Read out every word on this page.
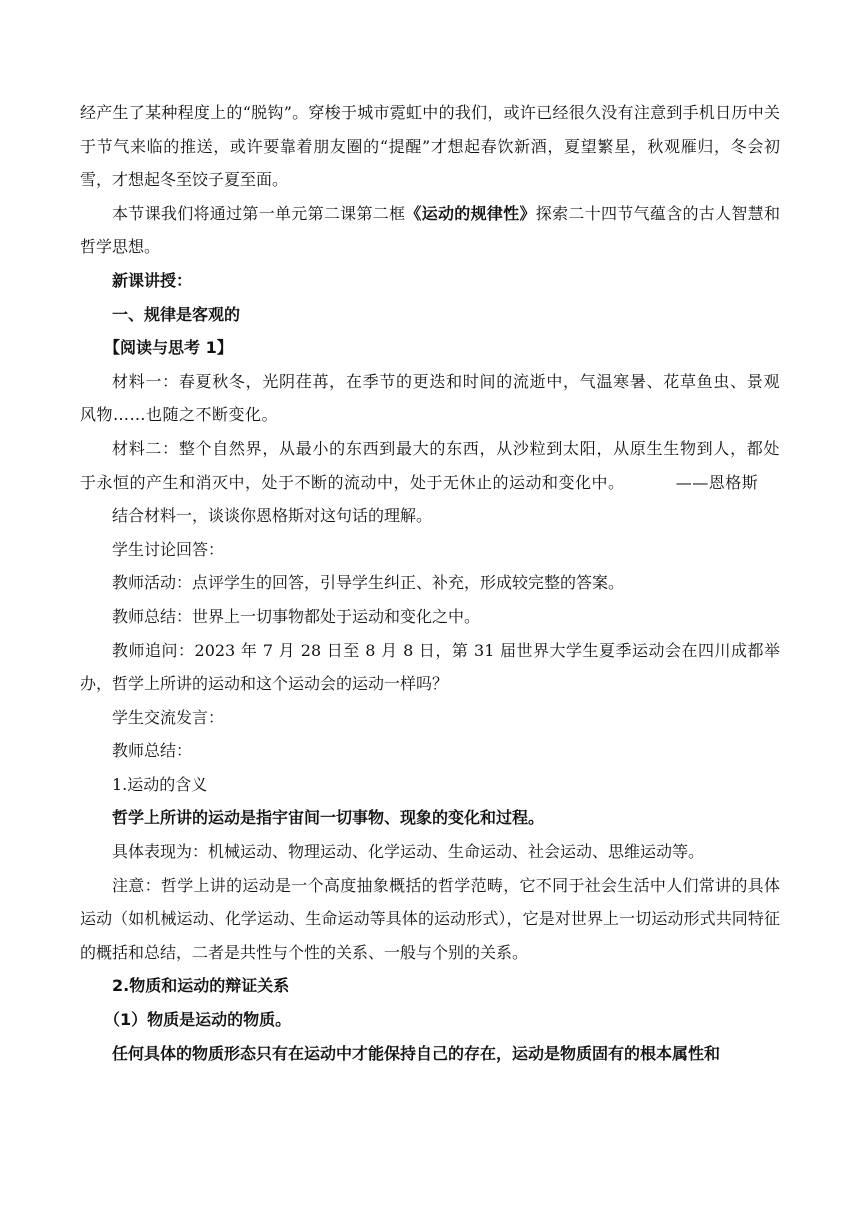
经产生了某种程度上的“脱钩”。穿梭于城市霓虹中的我们，或许已经很久没有注意到手机日历中关于节气来临的推送，或许要靠着朋友圈的“提醒”才想起春饮新酒，夏望繁星，秋观雁归，冬会初雪，才想起冬至饺子夏至面。

本节课我们将通过第一单元第二课第二框《运动的规律性》探索二十四节气蕴含的古人智慧和哲学思想。

新课讲授：

一、规律是客观的

【阅读与思考 1】

材料一：春夏秋冬，光阴荏苒，在季节的更迭和时间的流逝中，气温寒暑、花草鱼虫、景观风物……也随之不断变化。

材料二：整个自然界，从最小的东西到最大的东西，从沙粒到太阳，从原生生物到人，都处于永恒的产生和消灭中，处于不断的流动中，处于无休止的运动和变化中。	——恩格斯

结合材料一，谈谈你恩格斯对这句话的理解。

学生讨论回答：

教师活动：点评学生的回答，引导学生纠正、补充，形成较完整的答案。

教师总结：世界上一切事物都处于运动和变化之中。

教师追问：2023 年 7 月 28 日至 8 月 8 日，第 31 届世界大学生夏季运动会在四川成都举办，哲学上所讲的运动和这个运动会的运动一样吗？

学生交流发言：

教师总结：

1.运动的含义

哲学上所讲的运动是指宇宙间一切事物、现象的变化和过程。

具体表现为：机械运动、物理运动、化学运动、生命运动、社会运动、思维运动等。

注意：哲学上讲的运动是一个高度抽象概括的哲学范畴，它不同于社会生活中人们常讲的具体运动（如机械运动、化学运动、生命运动等具体的运动形式），它是对世界上一切运动形式共同特征的概括和总结，二者是共性与个性的关系、一般与个别的关系。

2.物质和运动的辩证关系

（1）物质是运动的物质。

任何具体的物质形态只有在运动中才能保持自己的存在，运动是物质固有的根本属性和
